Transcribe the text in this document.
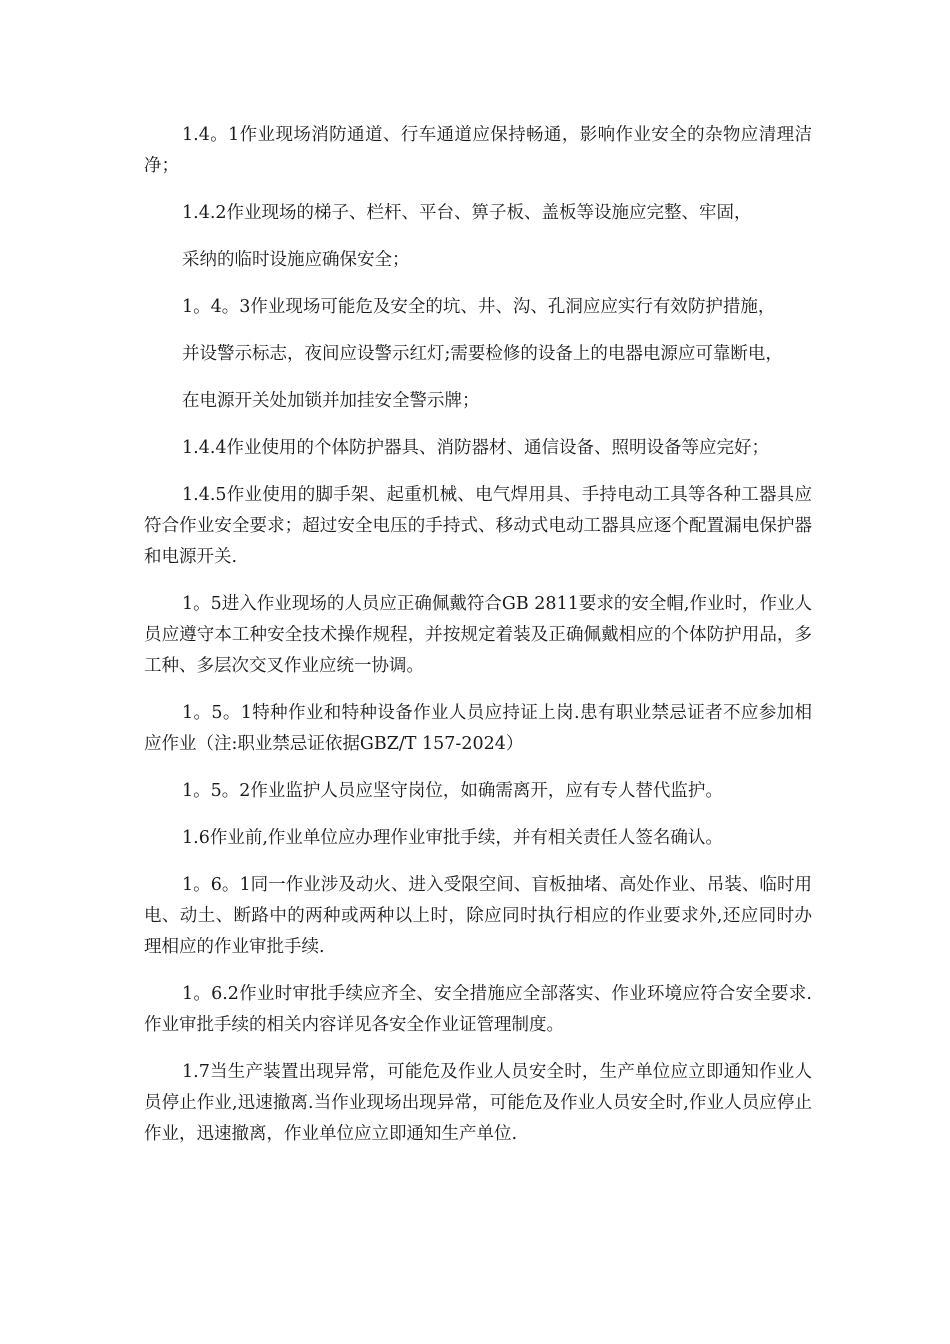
1.4。1作业现场消防通道、行车通道应保持畅通，影响作业安全的杂物应清理洁净；

1.4.2作业现场的梯子、栏杆、平台、箅子板、盖板等设施应完整、牢固，

采纳的临时设施应确保安全；

1。4。3作业现场可能危及安全的坑、井、沟、孔洞应应实行有效防护措施，

并设警示标志，夜间应设警示红灯;需要检修的设备上的电器电源应可靠断电，

在电源开关处加锁并加挂安全警示牌；

1.4.4作业使用的个体防护器具、消防器材、通信设备、照明设备等应完好；

1.4.5作业使用的脚手架、起重机械、电气焊用具、手持电动工具等各种工器具应符合作业安全要求；超过安全电压的手持式、移动式电动工器具应逐个配置漏电保护器和电源开关.

1。5进入作业现场的人员应正确佩戴符合GB 2811要求的安全帽,作业时，作业人员应遵守本工种安全技术操作规程，并按规定着装及正确佩戴相应的个体防护用品，多工种、多层次交叉作业应统一协调。

1。5。1特种作业和特种设备作业人员应持证上岗.患有职业禁忌证者不应参加相应作业（注:职业禁忌证依据GBZ/T 157-2024）

1。5。2作业监护人员应坚守岗位，如确需离开，应有专人替代监护。

1.6作业前,作业单位应办理作业审批手续，并有相关责任人签名确认。

1。6。1同一作业涉及动火、进入受限空间、盲板抽堵、高处作业、吊装、临时用电、动土、断路中的两种或两种以上时，除应同时执行相应的作业要求外,还应同时办理相应的作业审批手续.

1。6.2作业时审批手续应齐全、安全措施应全部落实、作业环境应符合安全要求.作业审批手续的相关内容详见各安全作业证管理制度。

1.7当生产装置出现异常，可能危及作业人员安全时，生产单位应立即通知作业人员停止作业,迅速撤离.当作业现场出现异常，可能危及作业人员安全时,作业人员应停止作业，迅速撤离，作业单位应立即通知生产单位.
